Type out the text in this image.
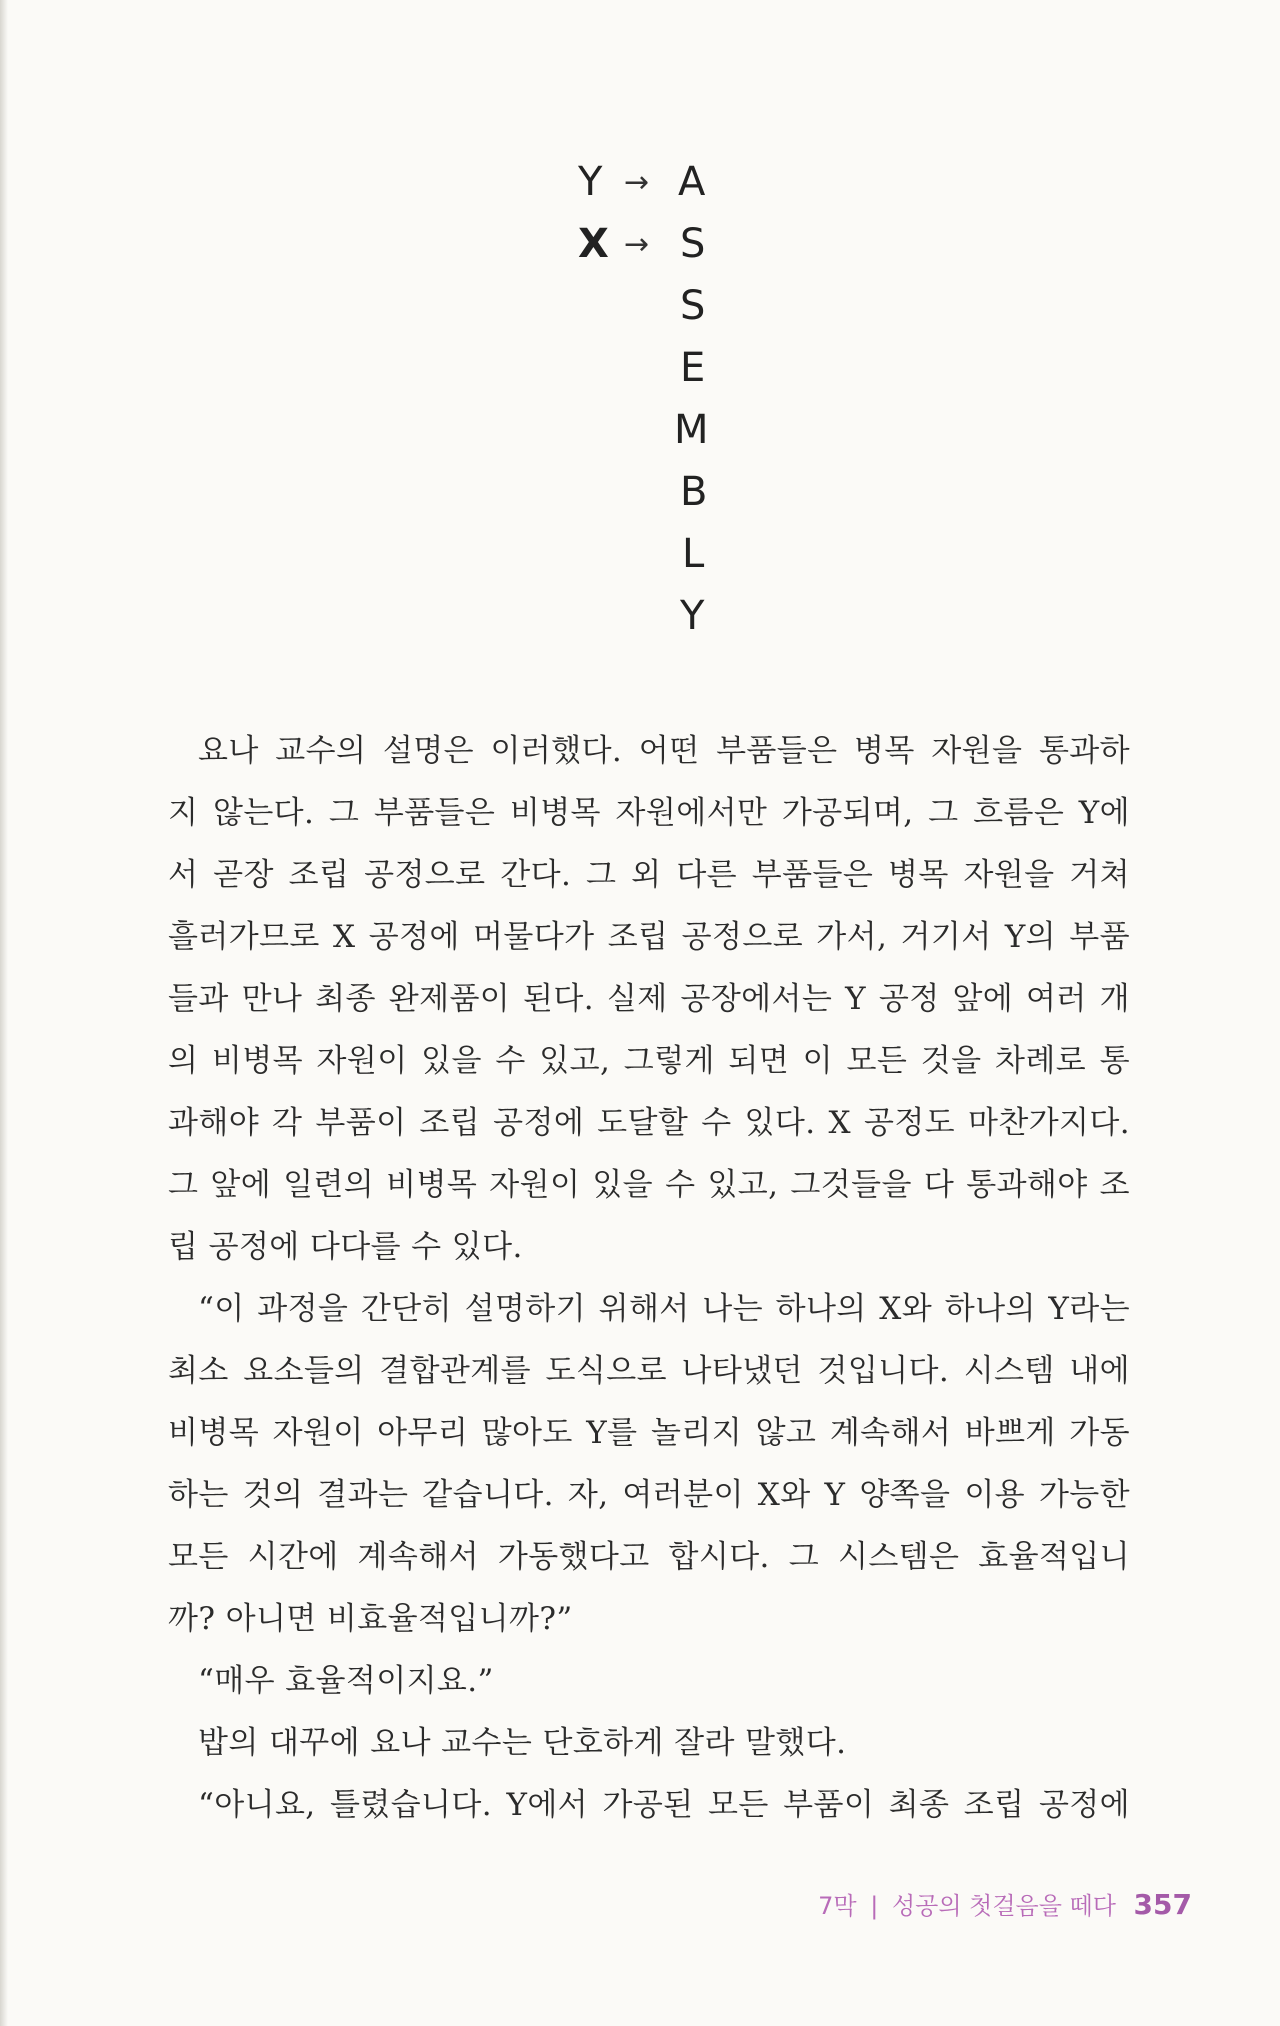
Y →
X →
A
S
S
E
M
B
L
Y
요나 교수의 설명은 이러했다. 어떤 부품들은 병목 자원을 통과하
지 않는다. 그 부품들은 비병목 자원에서만 가공되며, 그 흐름은 Y에
서 곧장 조립 공정으로 간다. 그 외 다른 부품들은 병목 자원을 거쳐
흘러가므로 X 공정에 머물다가 조립 공정으로 가서, 거기서 Y의 부품
들과 만나 최종 완제품이 된다. 실제 공장에서는 Y 공정 앞에 여러 개
의 비병목 자원이 있을 수 있고, 그렇게 되면 이 모든 것을 차례로 통
과해야 각 부품이 조립 공정에 도달할 수 있다. X 공정도 마찬가지다.
그 앞에 일련의 비병목 자원이 있을 수 있고, 그것들을 다 통과해야 조
립 공정에 다다를 수 있다.
“이 과정을 간단히 설명하기 위해서 나는 하나의 X와 하나의 Y라는
최소 요소들의 결합관계를 도식으로 나타냈던 것입니다. 시스템 내에
비병목 자원이 아무리 많아도 Y를 놀리지 않고 계속해서 바쁘게 가동
하는 것의 결과는 같습니다. 자, 여러분이 X와 Y 양쪽을 이용 가능한
모든 시간에 계속해서 가동했다고 합시다. 그 시스템은 효율적입니
까? 아니면 비효율적입니까?”
“매우 효율적이지요.”
밥의 대꾸에 요나 교수는 단호하게 잘라 말했다.
“아니요, 틀렸습니다. Y에서 가공된 모든 부품이 최종 조립 공정에
7막 | 성공의 첫걸음을 떼다 357
